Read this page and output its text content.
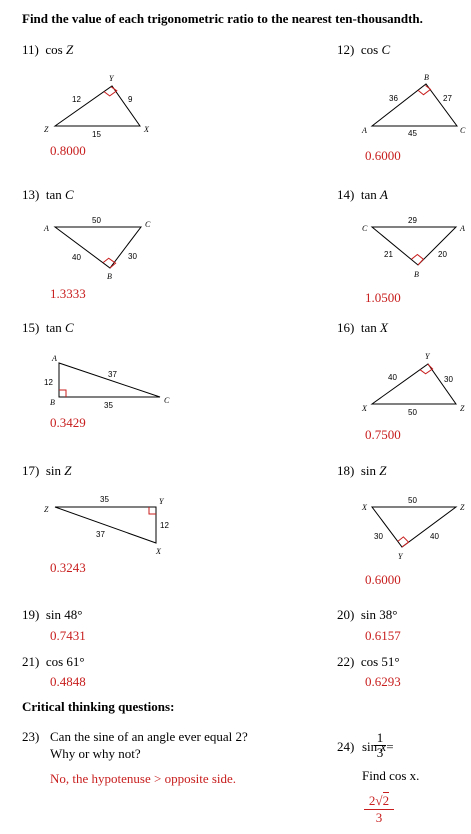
Find the value of each trigonometric ratio to the nearest ten-thousandth.
11) cos Z
Y
Z	X
12	9
15
0.8000
12) cos C
B
A	C
36	27
45
0.6000
13) tan C
A	C
B
50
40	30
1.3333
14) tan A
C	A
B
29
21	20
1.0500
15) tan C
A
B	C
37
12
35
0.3429
16) tan X
Y
X	Z
40	30
50
0.7500
17) sin Z
Z
Y
X
35
12
37
0.3243
18) sin Z
X	Z
Y
50
30	40
0.6000
19) sin 48°
0.7431
20) sin 38°
0.6157
21) cos 61°
0.4848
22) cos 51°
0.6293
Critical thinking questions:
23) Can the sine of an angle ever equal 2?
Why or why not?
No, the hypotenuse > opposite side.
24) sin x=
$\frac{1}{3}$
Find cos x.
$\frac{2√2}{3}$
